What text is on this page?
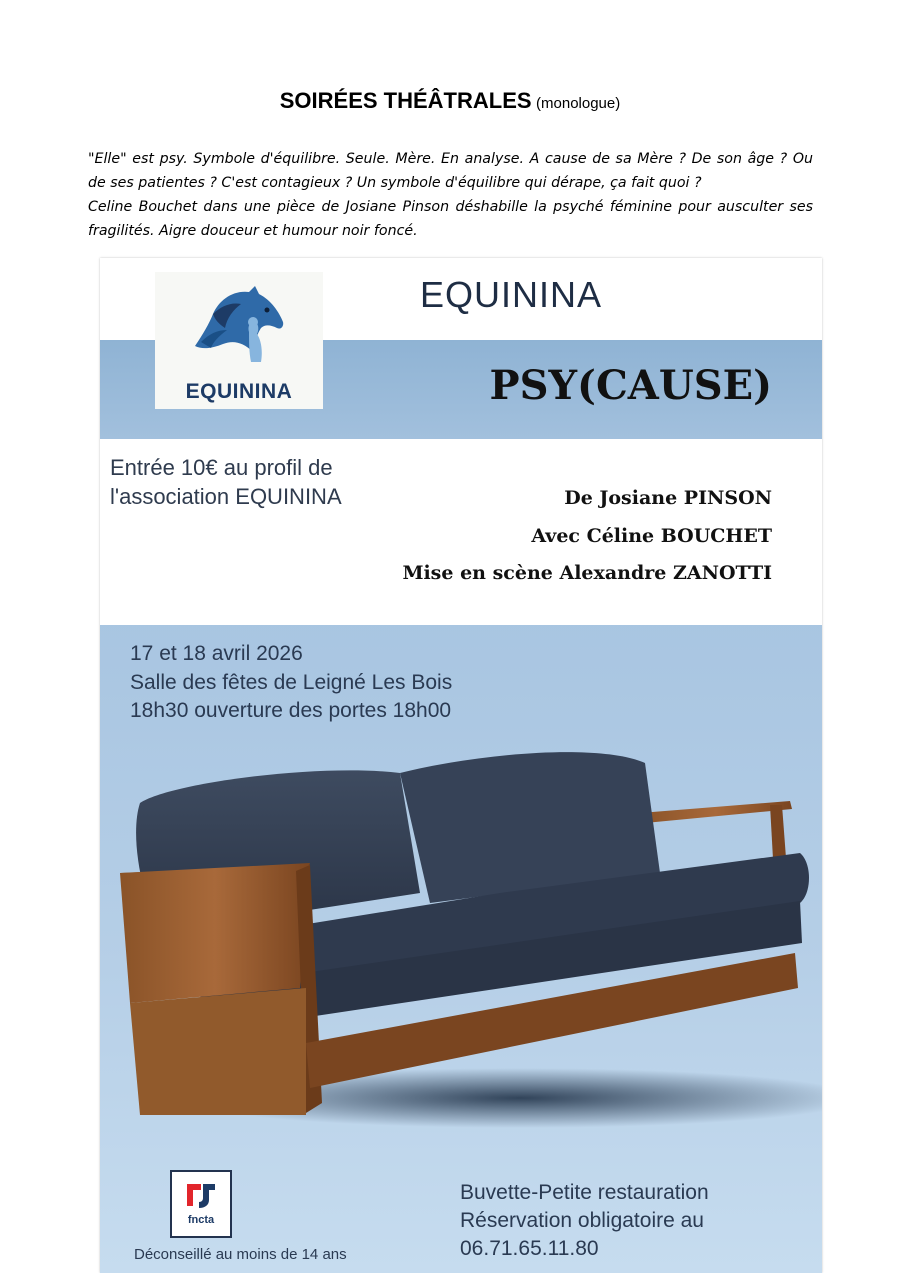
SOIRÉES THÉÂTRALES (monologue)

"Elle" est psy. Symbole d'équilibre. Seule. Mère. En analyse. A cause de sa Mère ? De son âge ? Ou de ses patientes ? C'est contagieux ? Un symbole d'équilibre qui dérape, ça fait quoi ?

Celine Bouchet dans une pièce de Josiane Pinson déshabille la psyché féminine pour ausculter ses fragilités. Aigre douceur et humour noir foncé.

EQUININA
EQUININA
PSY(CAUSE)
Entrée 10€ au profil de
l'association EQUININA	De Josiane PINSON
Avec Céline BOUCHET
Mise en scène Alexandre ZANOTTI
17 et 18 avril 2026
Salle des fêtes de Leigné Les Bois
18h30 ouverture des portes 18h00
fncta
Déconseillé au moins de 14 ans
Buvette-Petite restauration
Réservation obligatoire au
06.71.65.11.80
